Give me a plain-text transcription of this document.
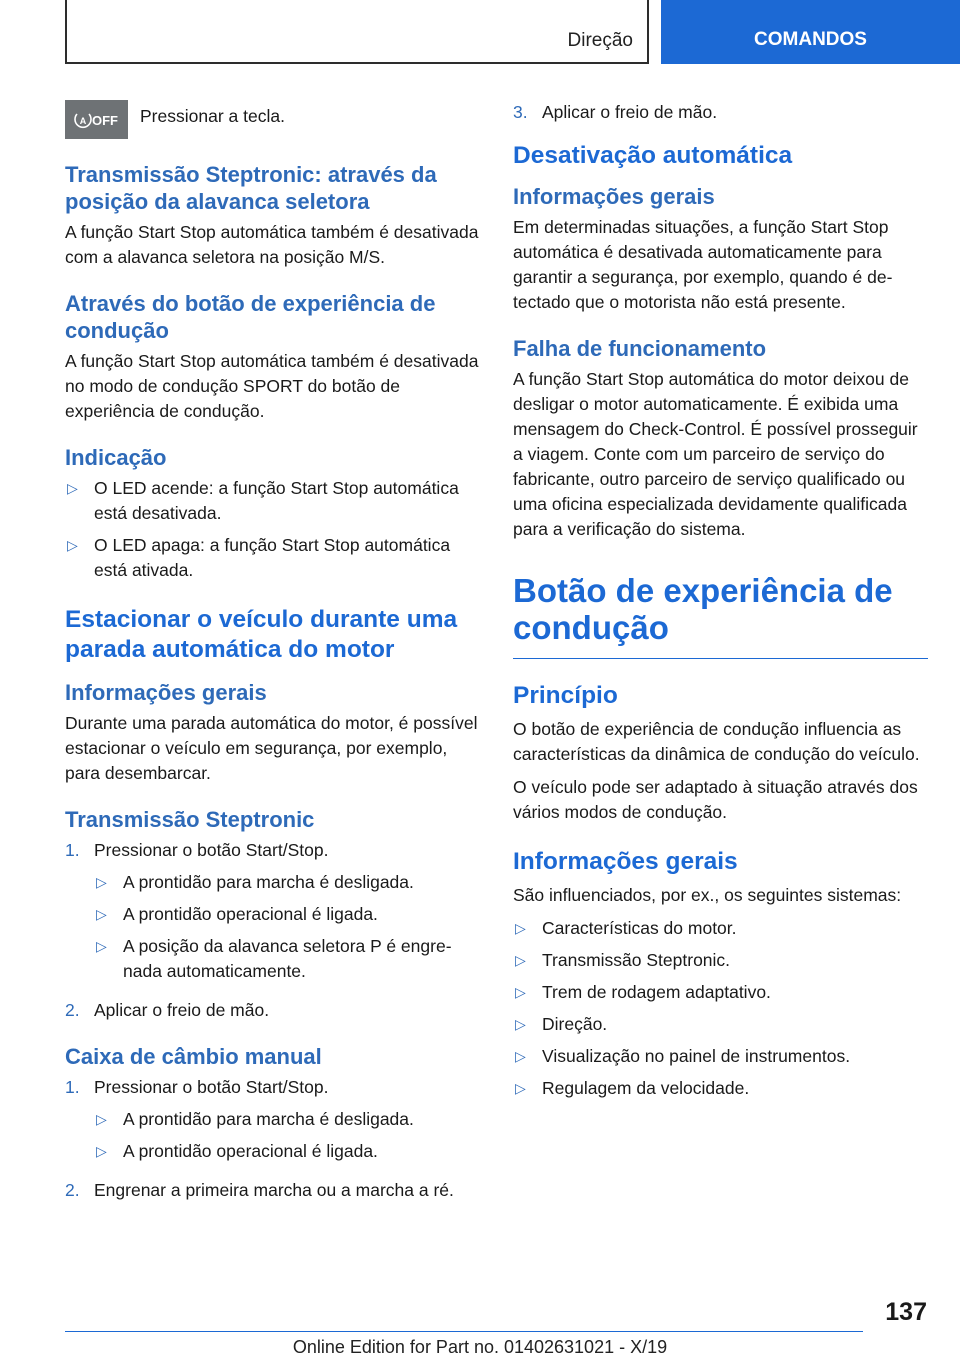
Direção	COMANDOS
A OFF Pressionar a tecla.
Transmissão Steptronic: através da posição da alavanca seletora

A função Start Stop automática também é desativada com a alavanca seletora na posição M/S.

Através do botão de experiência de condução

A função Start Stop automática também é desativada no modo de condução SPORT do botão de experiência de condução.

Indicação
▷ O LED acende: a função Start Stop automática está desativada.
▷ O LED apaga: a função Start Stop automática está ativada.
Estacionar o veículo durante uma parada automática do motor
Informações gerais

Durante uma parada automática do motor, é possível estacionar o veículo em segurança, por exemplo, para desembarcar.

Transmissão Steptronic
1. Pressionar o botão Start/Stop.
▷ A prontidão para marcha é desligada.
▷ A prontidão operacional é ligada.
▷ A posição da alavanca seletora P é engrenada automaticamente.
2. Aplicar o freio de mão.
Caixa de câmbio manual
1. Pressionar o botão Start/Stop.
▷ A prontidão para marcha é desligada.
▷ A prontidão operacional é ligada.
2. Engrenar a primeira marcha ou a marcha a ré.
3. Aplicar o freio de mão.
Desativação automática
Informações gerais

Em determinadas situações, a função Start Stop automática é desativada automaticamente para garantir a segurança, por exemplo, quando é detectado que o motorista não está presente.

Falha de funcionamento

A função Start Stop automática do motor deixou de desligar o motor automaticamente. É exibida uma mensagem do Check-Control. É possível prosseguir a viagem. Conte com um parceiro de serviço do fabricante, outro parceiro de serviço qualificado ou uma oficina especializada devidamente qualificada para a verificação do sistema.

Botão de experiência de condução
Princípio

O botão de experiência de condução influencia as características da dinâmica de condução do veículo.

O veículo pode ser adaptado à situação através dos vários modos de condução.

Informações gerais

São influenciados, por ex., os seguintes sistemas:

▷ Características do motor.
▷ Transmissão Steptronic.
▷ Trem de rodagem adaptativo.
▷ Direção.
▷ Visualização no painel de instrumentos.
▷ Regulagem da velocidade.
137
Online Edition for Part no. 01402631021 - X/19
